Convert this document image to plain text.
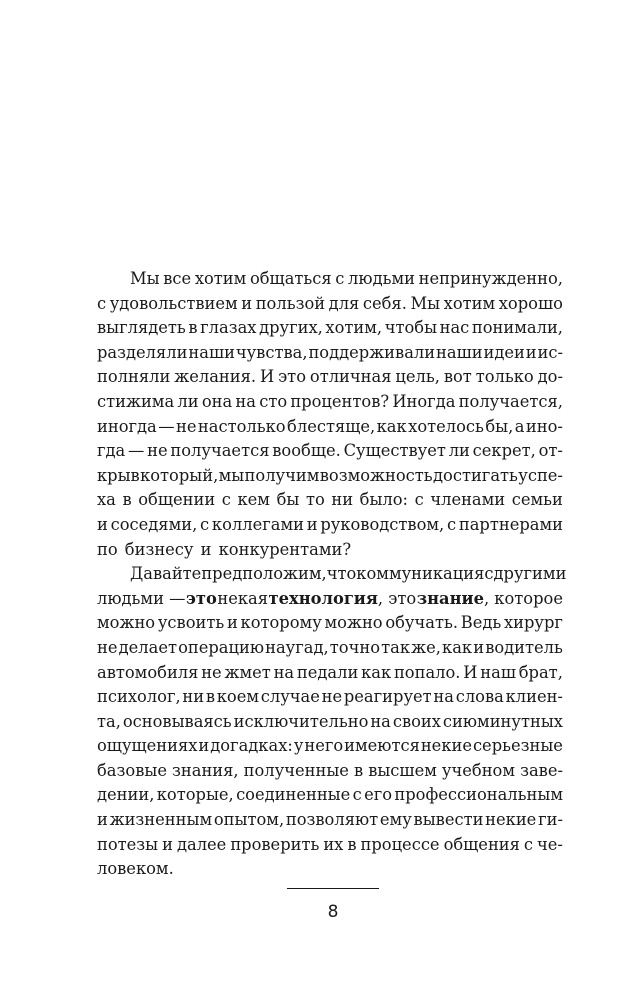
Мы все хотим общаться с людьми непринужденно,
с удовольствием и пользой для себя. Мы хотим хорошо
выглядеть в глазах других, хотим, чтобы нас понимали,
разделяли наши чувства, поддерживали наши идеи и ис-
полняли желания. И это отличная цель, вот только до-
стижима ли она на сто процентов? Иногда получается,
иногда — не настолько блестяще, как хотелось бы, а ино-
гда — не получается вообще. Существует ли секрет, от-
крыв который, мы получим возможность достигать успе-
ха в общении с кем бы то ни было: с членами семьи
и соседями, с коллегами и руководством, с партнерами
по бизнесу и конкурентами?
Давайте предположим, что коммуникация с другими
людьми — это некая технология, это знание, которое
можно усвоить и которому можно обучать. Ведь хирург
не делает операцию наугад, точно так же, как и водитель
автомобиля не жмет на педали как попало. И наш брат,
психолог, ни в коем случае не реагирует на слова клиен-
та, основываясь исключительно на своих сиюминутных
ощущениях и догадках: у него имеются некие серьезные
базовые знания, полученные в высшем учебном заве-
дении, которые, соединенные с его профессиональным
и жизненным опытом, позволяют ему вывести некие ги-
потезы и далее проверить их в процессе общения с че-
ловеком.
8
